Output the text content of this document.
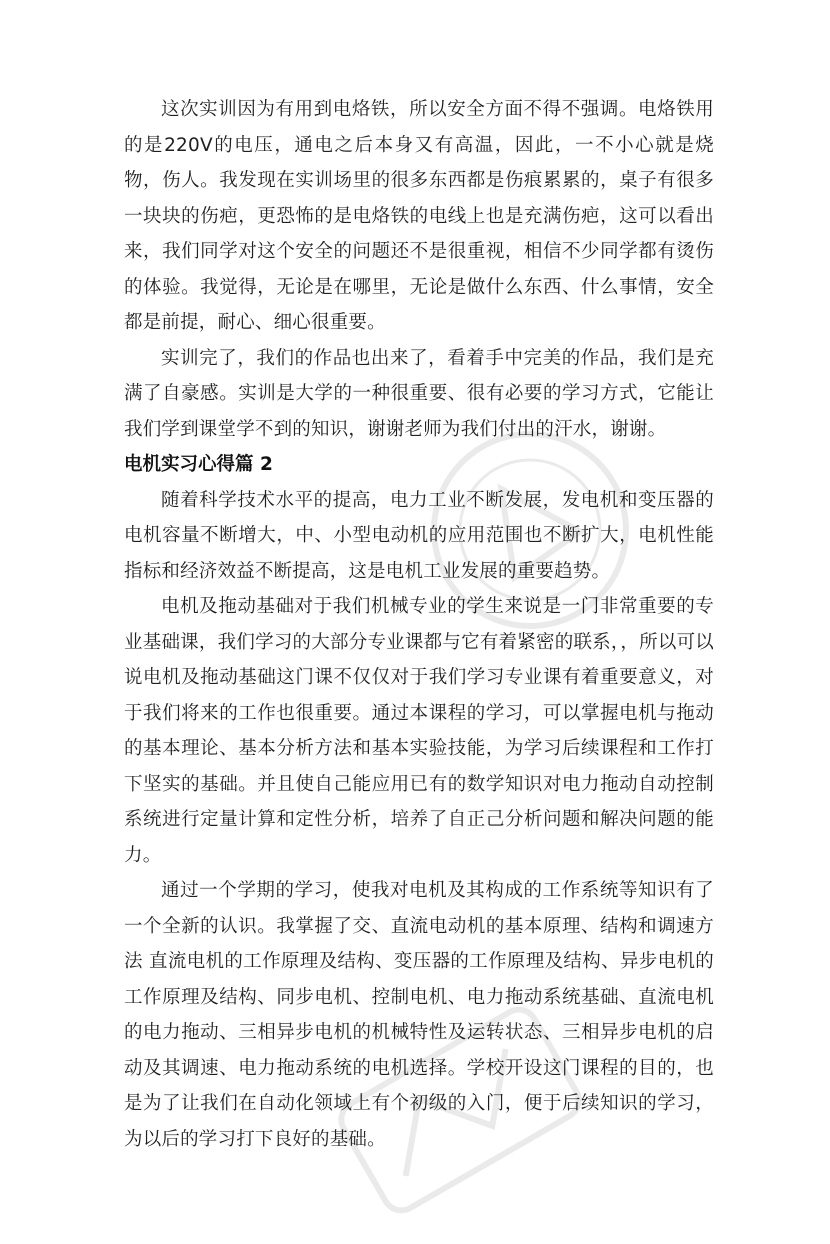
这次实训因为有用到电烙铁，所以安全方面不得不强调。电烙铁用的是220V的电压，通电之后本身又有高温，因此，一不小心就是烧物，伤人。我发现在实训场里的很多东西都是伤痕累累的，桌子有很多一块块的伤疤，更恐怖的是电烙铁的电线上也是充满伤疤，这可以看出来，我们同学对这个安全的问题还不是很重视，相信不少同学都有烫伤的体验。我觉得，无论是在哪里，无论是做什么东西、什么事情，安全都是前提，耐心、细心很重要。

实训完了，我们的作品也出来了，看着手中完美的作品，我们是充满了自豪感。实训是大学的一种很重要、很有必要的学习方式，它能让我们学到课堂学不到的知识，谢谢老师为我们付出的汗水，谢谢。

电机实习心得篇 2

随着科学技术水平的提高，电力工业不断发展，发电机和变压器的电机容量不断增大，中、小型电动机的应用范围也不断扩大，电机性能指标和经济效益不断提高，这是电机工业发展的重要趋势。

电机及拖动基础对于我们机械专业的学生来说是一门非常重要的专业基础课，我们学习的大部分专业课都与它有着紧密的联系，，所以可以说电机及拖动基础这门课不仅仅对于我们学习专业课有着重要意义，对于我们将来的工作也很重要。通过本课程的学习，可以掌握电机与拖动的基本理论、基本分析方法和基本实验技能，为学习后续课程和工作打下坚实的基础。并且使自己能应用已有的数学知识对电力拖动自动控制系统进行定量计算和定性分析，培养了自正己分析问题和解决问题的能力。

通过一个学期的学习，使我对电机及其构成的工作系统等知识有了一个全新的认识。我掌握了交、直流电动机的基本原理、结构和调速方法 直流电机的工作原理及结构、变压器的工作原理及结构、异步电机的工作原理及结构、同步电机、控制电机、电力拖动系统基础、直流电机的电力拖动、三相异步电机的机械特性及运转状态、三相异步电机的启动及其调速、电力拖动系统的电机选择。学校开设这门课程的目的，也是为了让我们在自动化领域上有个初级的入门，便于后续知识的学习，为以后的学习打下良好的基础。
